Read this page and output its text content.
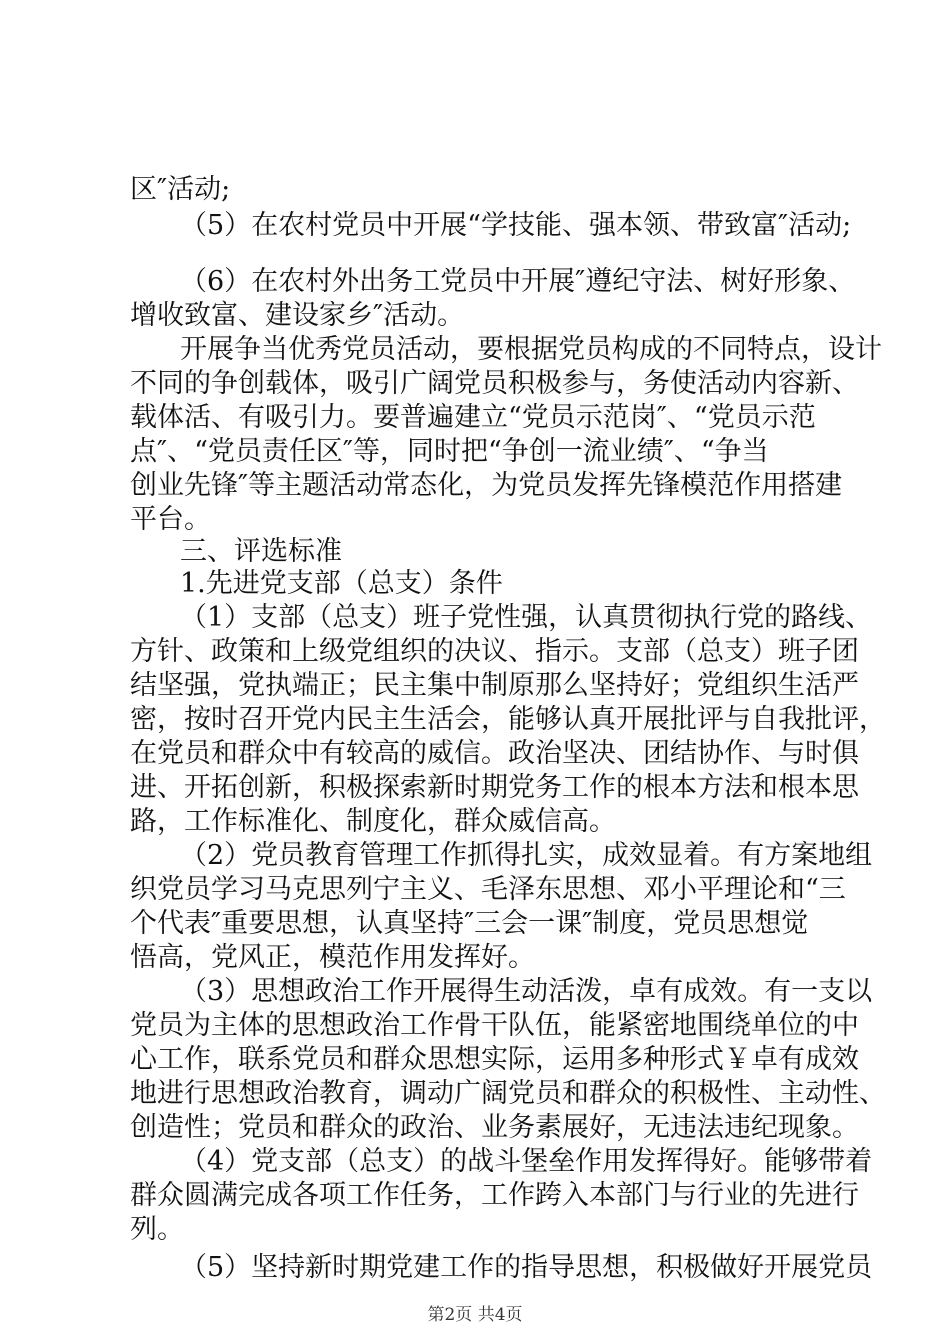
区″活动;
（5）在农村党员中开展“学技能、强本领、带致富″活动;
（6）在农村外出务工党员中开展″遵纪守法、树好形象、
增收致富、建设家乡″活动。
开展争当优秀党员活动，要根据党员构成的不同特点，设计
不同的争创载体，吸引广阔党员积极参与，务使活动内容新、
载体活、有吸引力。要普遍建立“党员示范岗″、“党员示范
点″、“党员责任区″等，同时把“争创一流业绩″、“争当
创业先锋″等主题活动常态化，为党员发挥先锋模范作用搭建
平台。
三、评选标准
1.先进党支部（总支）条件
（1）支部（总支）班子党性强，认真贯彻执行党的路线、
方针、政策和上级党组织的决议、指示。支部（总支）班子团
结坚强，党执端正；民主集中制原那么坚持好；党组织生活严
密，按时召开党内民主生活会，能够认真开展批评与自我批评，
在党员和群众中有较高的威信。政治坚决、团结协作、与时俱
进、开拓创新，积极探索新时期党务工作的根本方法和根本思
路，工作标准化、制度化，群众威信高。
（2）党员教育管理工作抓得扎实，成效显着。有方案地组
织党员学习马克思列宁主义、毛泽东思想、邓小平理论和“三
个代表″重要思想，认真坚持″三会一课″制度，党员思想觉
悟高，党风正，模范作用发挥好。
（3）思想政治工作开展得生动活泼，卓有成效。有一支以
党员为主体的思想政治工作骨干队伍，能紧密地围绕单位的中
心工作，联系党员和群众思想实际，运用多种形式￥卓有成效
地进行思想政治教育，调动广阔党员和群众的积极性、主动性、
创造性；党员和群众的政治、业务素展好，无违法违纪现象。
（4）党支部（总支）的战斗堡垒作用发挥得好。能够带着
群众圆满完成各项工作任务，工作跨入本部门与行业的先进行
列。
（5）坚持新时期党建工作的指导思想，积极做好开展党员
第2页 共4页
